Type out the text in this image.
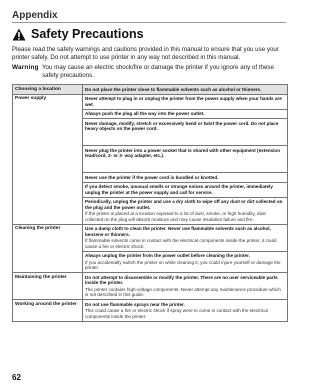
Appendix
Safety Precautions

Please read the safety warnings and cautions provided in this manual to ensure that you use your printer safely. Do not attempt to use printer in any way not described in this manual.

Warning You may cause an electric shock/fire or damage the printer if you ignore any of these safety precautions.
Choosing a location	Do not place the printer close to flammable solvents such as alcohol or thinners.
Power supply	Never attempt to plug in or unplug the printer from the power supply when your hands are wet.

	Always push the plug all the way into the power outlet.

	Never damage, modify, stretch or excessively bend or twist the power cord. Do not place heavy objects on the power cord.

	Never plug the printer into a power socket that is shared with other equipment (extension lead/cord, 2- or 3- way adapter, etc.).

	Never use the printer if the power cord is bundled or knotted.

	If you detect smoke, unusual smells or strange noises around the printer, immediately unplug the printer at the power supply and call for service.

	Periodically, unplug the printer and use a dry cloth to wipe off any dust or dirt collected on the plug and the power outlet.
If the printer is placed at a location exposed to a lot of dust, smoke, or high humidity, dust collected on the plug will absorb moisture and may cause insulation failure and fire.

Cleaning the printer	Use a damp cloth to clean the printer. Never use flammable solvents such as alcohol, benzene or thinners.
If flammable solvents come in contact with the electrical components inside the printer, it could cause a fire or electric shock.

	Always unplug the printer from the power outlet before cleaning the printer.
If you accidentally switch the printer on while cleaning it, you could injure yourself or damage the printer.

Maintaining the printer	Do not attempt to disassemble or modify the printer. There are no user serviceable parts inside the printer.
The printer contains high-voltage components. Never attempt any maintenance procedure which is not described in this guide.

Working around the printer	Do not use flammable sprays near the printer.
This could cause a fire or electric shock if spray were to come in contact with the electrical components inside the printer.
62
